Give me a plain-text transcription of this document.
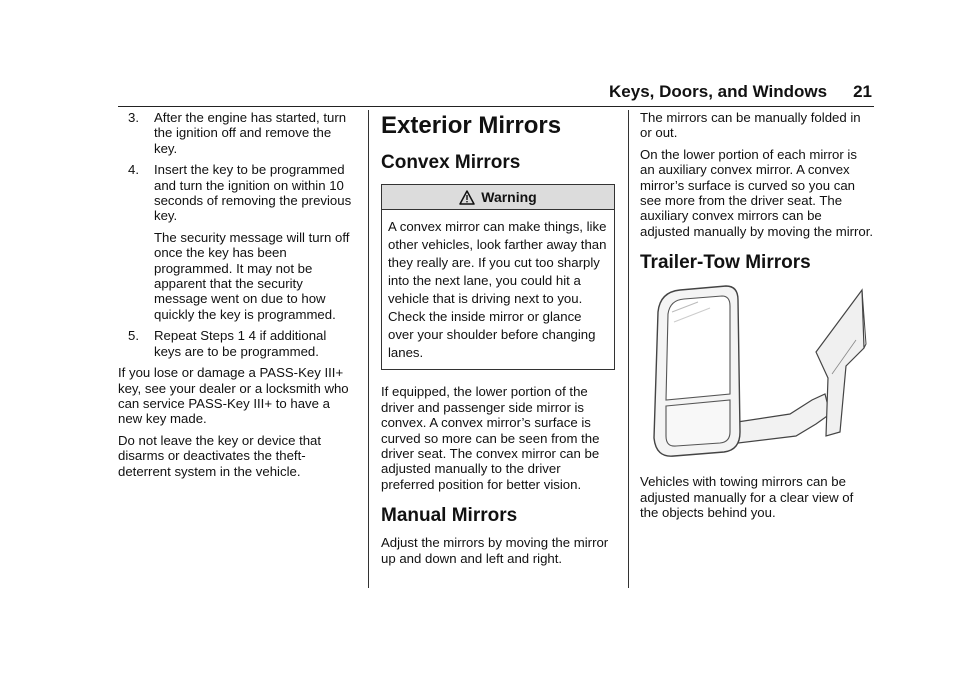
Keys, Doors, and Windows 21
3. After the engine has started, turn the ignition off and remove the key.
4. Insert the key to be programmed and turn the ignition on within 10 seconds of removing the previous key.
The security message will turn off once the key has been programmed. It may not be apparent that the security message went on due to how quickly the key is programmed.
5. Repeat Steps 1 4 if additional keys are to be programmed.

If you lose or damage a PASS-Key III+ key, see your dealer or a locksmith who can service PASS-Key III+ to have a new key made.

Do not leave the key or device that disarms or deactivates the theft-deterrent system in the vehicle.

Exterior Mirrors
Convex Mirrors
Warning
A convex mirror can make things, like other vehicles, look farther away than they really are. If you cut too sharply into the next lane, you could hit a vehicle that is driving next to you. Check the inside mirror or glance over your shoulder before changing lanes.

If equipped, the lower portion of the driver and passenger side mirror is convex. A convex mirror’s surface is curved so more can be seen from the driver seat. The convex mirror can be adjusted manually to the driver preferred position for better vision.

Manual Mirrors

Adjust the mirrors by moving the mirror up and down and left and right.

The mirrors can be manually folded in or out.

On the lower portion of each mirror is an auxiliary convex mirror. A convex mirror’s surface is curved so you can see more from the driver seat. The auxiliary convex mirrors can be adjusted manually by moving the mirror.

Trailer-Tow Mirrors

Vehicles with towing mirrors can be adjusted manually for a clear view of the objects behind you.
